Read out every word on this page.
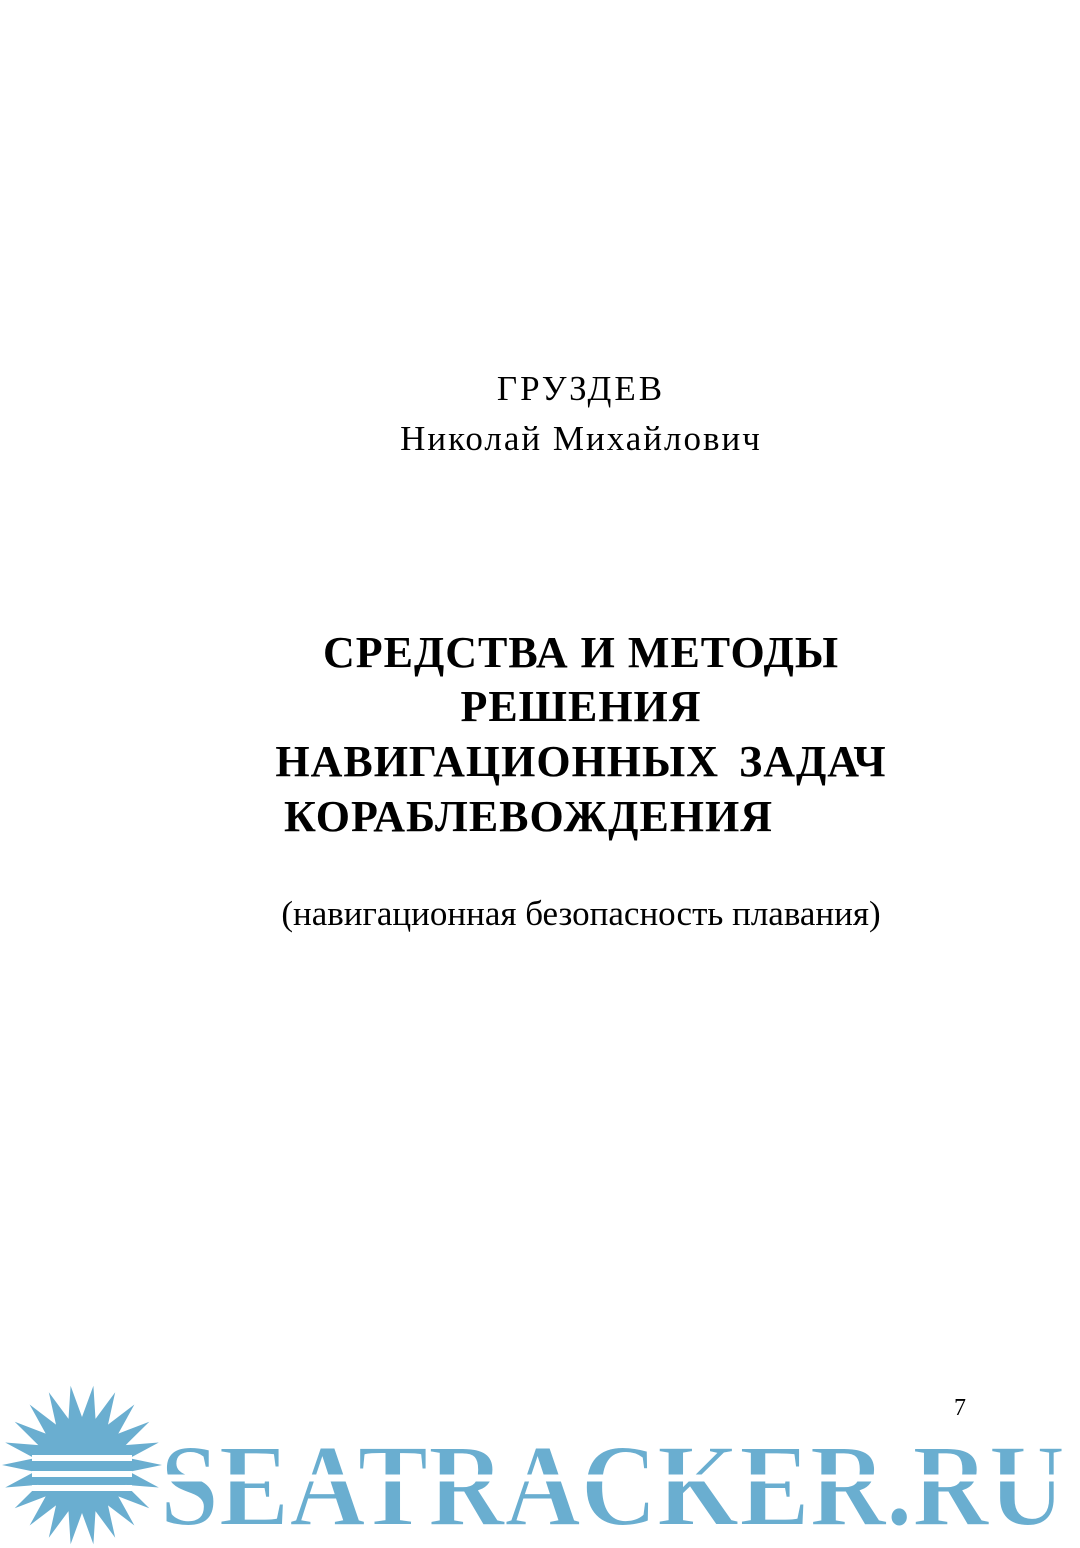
ГРУЗДЕВ
Николай Михайлович
СРЕДСТВА И МЕТОДЫ
РЕШЕНИЯ
НАВИГАЦИОННЫХ ЗАДАЧ
КОРАБЛЕВОЖДЕНИЯ
(навигационная безопасность плавания)
7
SEATRACKER.RU
